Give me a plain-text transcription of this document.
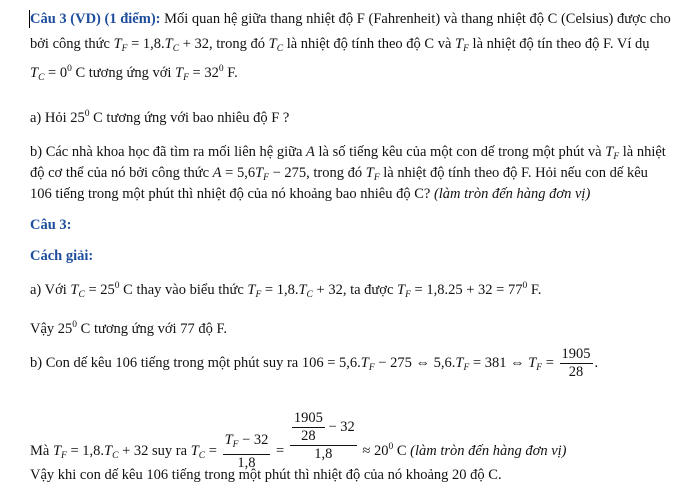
Câu 3 (VD) (1 điểm): Mối quan hệ giữa thang nhiệt độ F (Fahrenheit) và thang nhiệt độ C (Celsius) được cho
bởi công thức $T_F = 1,8.T_C + 32$, trong đó $T_C$ là nhiệt độ tính theo độ C và $T_F$ là nhiệt độ tín theo độ F. Ví dụ
$T_C = 0^0$ C tương ứng với $T_F = 32^0$ F.
a) Hỏi $25^0$ C tương ứng với bao nhiêu độ F ?
b) Các nhà khoa học đã tìm ra mối liên hệ giữa A là số tiếng kêu của một con dế trong một phút và $T_F$ là nhiệt
độ cơ thể của nó bởi công thức $A = 5,6T_F - 275$, trong đó $T_F$ là nhiệt độ tính theo độ F. Hỏi nếu con dế kêu
106 tiếng trong một phút thì nhiệt độ của nó khoảng bao nhiêu độ C? (làm tròn đến hàng đơn vị)
Câu 3:
Cách giải:
a) Với $T_C = 25^0$ C thay vào biểu thức $T_F = 1,8.T_C + 32$, ta được $T_F = 1,8.25 + 32 = 77^0$ F.
Vậy $25^0$ C tương ứng với 77 độ F.
b) Con dế kêu 106 tiếng trong một phút suy ra $106 = 5,6.T_F - 275$ ⇔ $5,6.T_F = 381$ ⇔ $T_F = \frac{1905}{28}$ .
Mà $T_F = 1,8.T_C + 32$ suy ra $T_C = \frac{T_F - 32}{1,8} = \frac{\frac{1905}{28} - 32}{1,8} \approx 20^0$ C (làm tròn đến hàng đơn vị)
Vậy khi con dế kêu 106 tiếng trong một phút thì nhiệt độ của nó khoảng 20 độ C.
